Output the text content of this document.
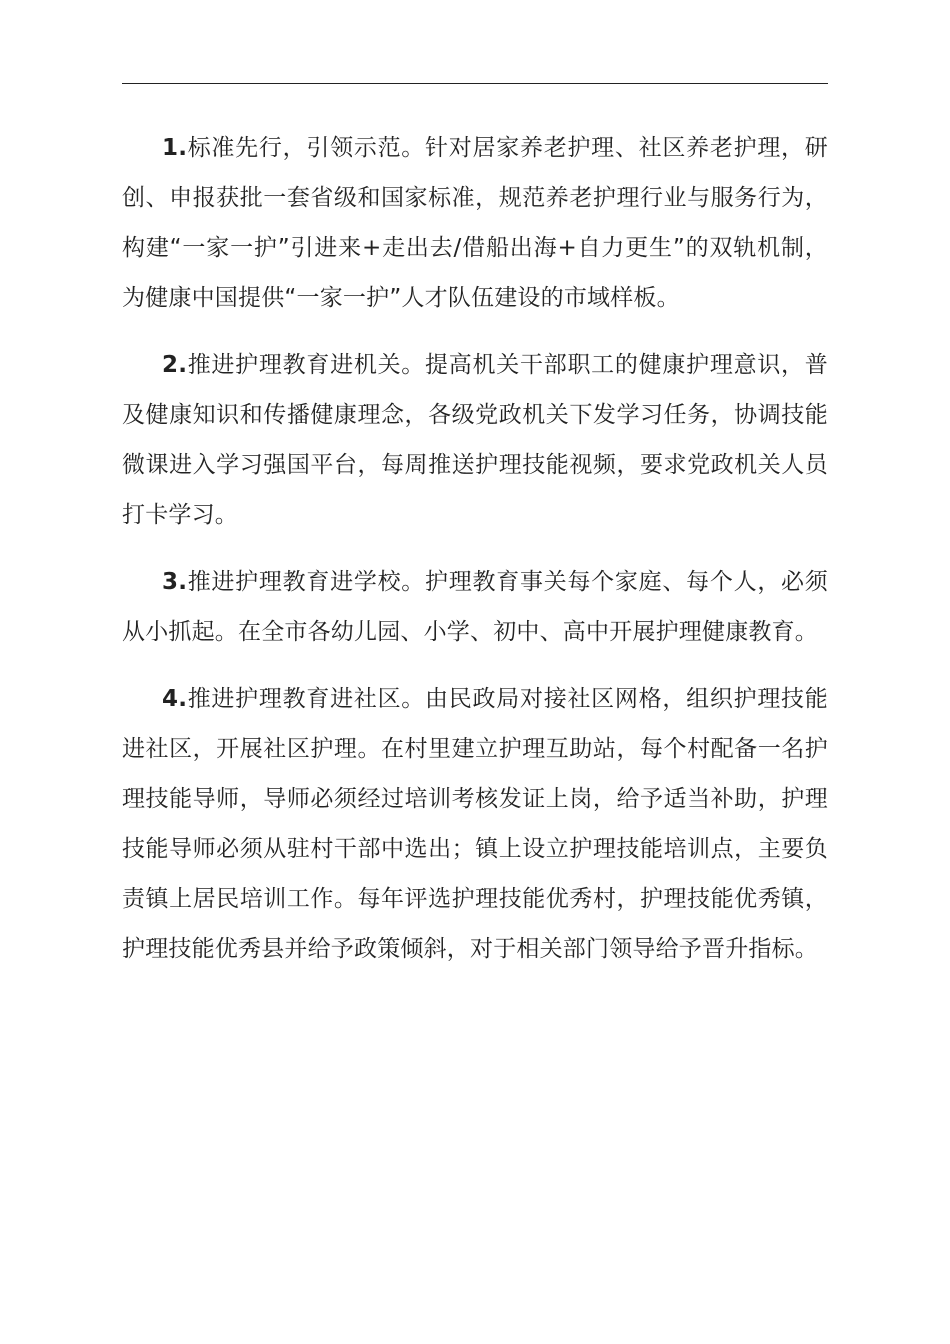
1.标准先行，引领示范。针对居家养老护理、社区养老护理，研创、申报获批一套省级和国家标准，规范养老护理行业与服务行为，构建“一家一护”引进来+走出去/借船出海+自力更生”的双轨机制，为健康中国提供“一家一护”人才队伍建设的市域样板。

2.推进护理教育进机关。提高机关干部职工的健康护理意识，普及健康知识和传播健康理念，各级党政机关下发学习任务，协调技能微课进入学习强国平台，每周推送护理技能视频，要求党政机关人员打卡学习。

3.推进护理教育进学校。护理教育事关每个家庭、每个人，必须从小抓起。在全市各幼儿园、小学、初中、高中开展护理健康教育。

4.推进护理教育进社区。由民政局对接社区网格，组织护理技能进社区，开展社区护理。在村里建立护理互助站，每个村配备一名护理技能导师，导师必须经过培训考核发证上岗，给予适当补助，护理技能导师必须从驻村干部中选出；镇上设立护理技能培训点，主要负责镇上居民培训工作。每年评选护理技能优秀村，护理技能优秀镇，护理技能优秀县并给予政策倾斜，对于相关部门领导给予晋升指标。
